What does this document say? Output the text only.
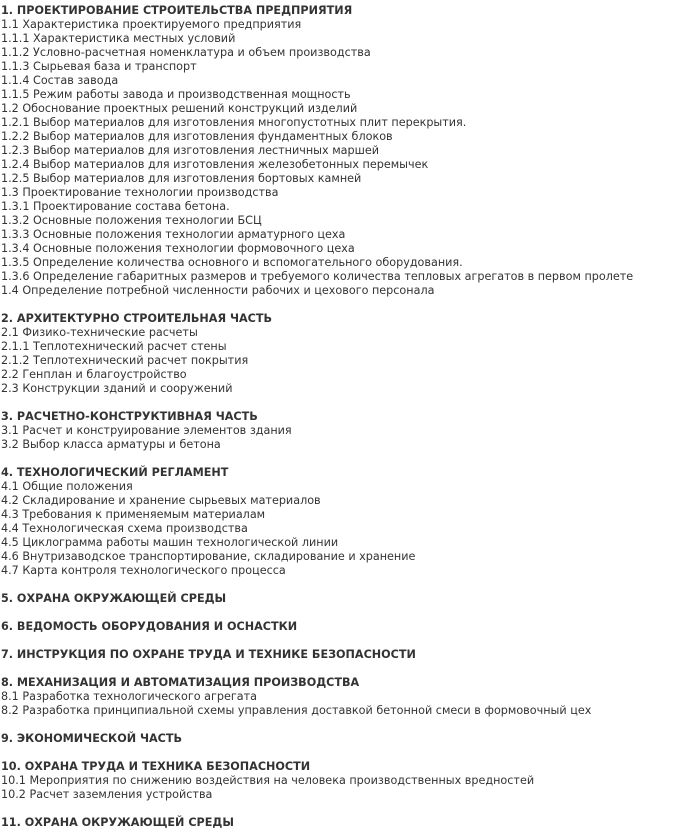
1. ПРОЕКТИРОВАНИЕ СТРОИТЕЛЬСТВА ПРЕДПРИЯТИЯ
1.1 Характеристика проектируемого предприятия
1.1.1 Характеристика местных условий
1.1.2 Условно-расчетная номенклатура и объем производства
1.1.3 Сырьевая база и транспорт
1.1.4 Состав завода
1.1.5 Режим работы завода и производственная мощность
1.2 Обоснование проектных решений конструкций изделий
1.2.1 Выбор материалов для изготовления многопустотных плит перекрытия.
1.2.2 Выбор материалов для изготовления фундаментных блоков
1.2.3 Выбор материалов для изготовления лестничных маршей
1.2.4 Выбор материалов для изготовления железобетонных перемычек
1.2.5 Выбор материалов для изготовления бортовых камней
1.3 Проектирование технологии производства
1.3.1 Проектирование состава бетона.
1.3.2 Основные положения технологии БСЦ
1.3.3 Основные положения технологии арматурного цеха
1.3.4 Основные положения технологии формовочного цеха
1.3.5 Определение количества основного и вспомогательного оборудования.
1.3.6 Определение габаритных размеров и требуемого количества тепловых агрегатов в первом пролете
1.4 Определение потребной численности рабочих и цехового персонала
2. АРХИТЕКТУРНО СТРОИТЕЛЬНАЯ ЧАСТЬ
2.1 Физико-технические расчеты
2.1.1 Теплотехнический расчет стены
2.1.2 Теплотехнический расчет покрытия
2.2 Генплан и благоустройство
2.3 Конструкции зданий и сооружений
3. РАСЧЕТНО-КОНСТРУКТИВНАЯ ЧАСТЬ
3.1 Расчет и конструирование элементов здания
3.2 Выбор класса арматуры и бетона
4. ТЕХНОЛОГИЧЕСКИЙ РЕГЛАМЕНТ
4.1 Общие положения
4.2 Складирование и хранение сырьевых материалов
4.3 Требования к применяемым материалам
4.4 Технологическая схема производства
4.5 Циклограмма работы машин технологической линии
4.6 Внутризаводское транспортирование, складирование и хранение
4.7 Карта контроля технологического процесса
5. ОХРАНА ОКРУЖАЮЩЕЙ СРЕДЫ
6. ВЕДОМОСТЬ ОБОРУДОВАНИЯ И ОСНАСТКИ
7. ИНСТРУКЦИЯ ПО ОХРАНЕ ТРУДА И ТЕХНИКЕ БЕЗОПАСНОСТИ
8. МЕХАНИЗАЦИЯ И АВТОМАТИЗАЦИЯ ПРОИЗВОДСТВА
8.1 Разработка технологического агрегата
8.2 Разработка принципиальной схемы управления доставкой бетонной смеси в формовочный цех
9. ЭКОНОМИЧЕСКОЙ ЧАСТЬ
10. ОХРАНА ТРУДА И ТЕХНИКА БЕЗОПАСНОСТИ
10.1 Мероприятия по снижению воздействия на человека производственных вредностей
10.2 Расчет заземления устройства
11. ОХРАНА ОКРУЖАЮЩЕЙ СРЕДЫ
